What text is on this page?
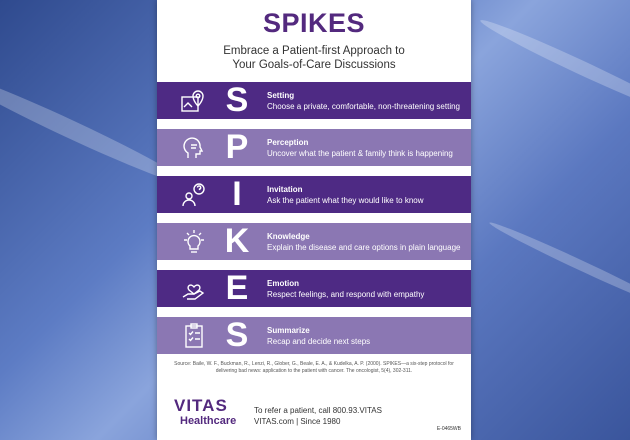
SPIKES
Embrace a Patient-first Approach to
Your Goals-of-Care Discussions
S	Setting
Choose a private, comfortable, non-threatening setting
P	Perception
Uncover what the patient & family think is happening
I	Invitation
Ask the patient what they would like to know
K	Knowledge
Explain the disease and care options in plain language
E	Emotion
Respect feelings, and respond with empathy
S	Summarize
Recap and decide next steps
Source: Baile, W. F., Buckman, R., Lenzi, R., Glober, G., Beale, E. A., & Kudelka, A. P. (2000). SPIKES—a six-step protocol for delivering bad news: application to the patient with cancer. The oncologist, 5(4), 302-311.
VITAS
Healthcare
To refer a patient, call 800.93.VITAS
VITAS.com | Since 1980
E-0465WB
